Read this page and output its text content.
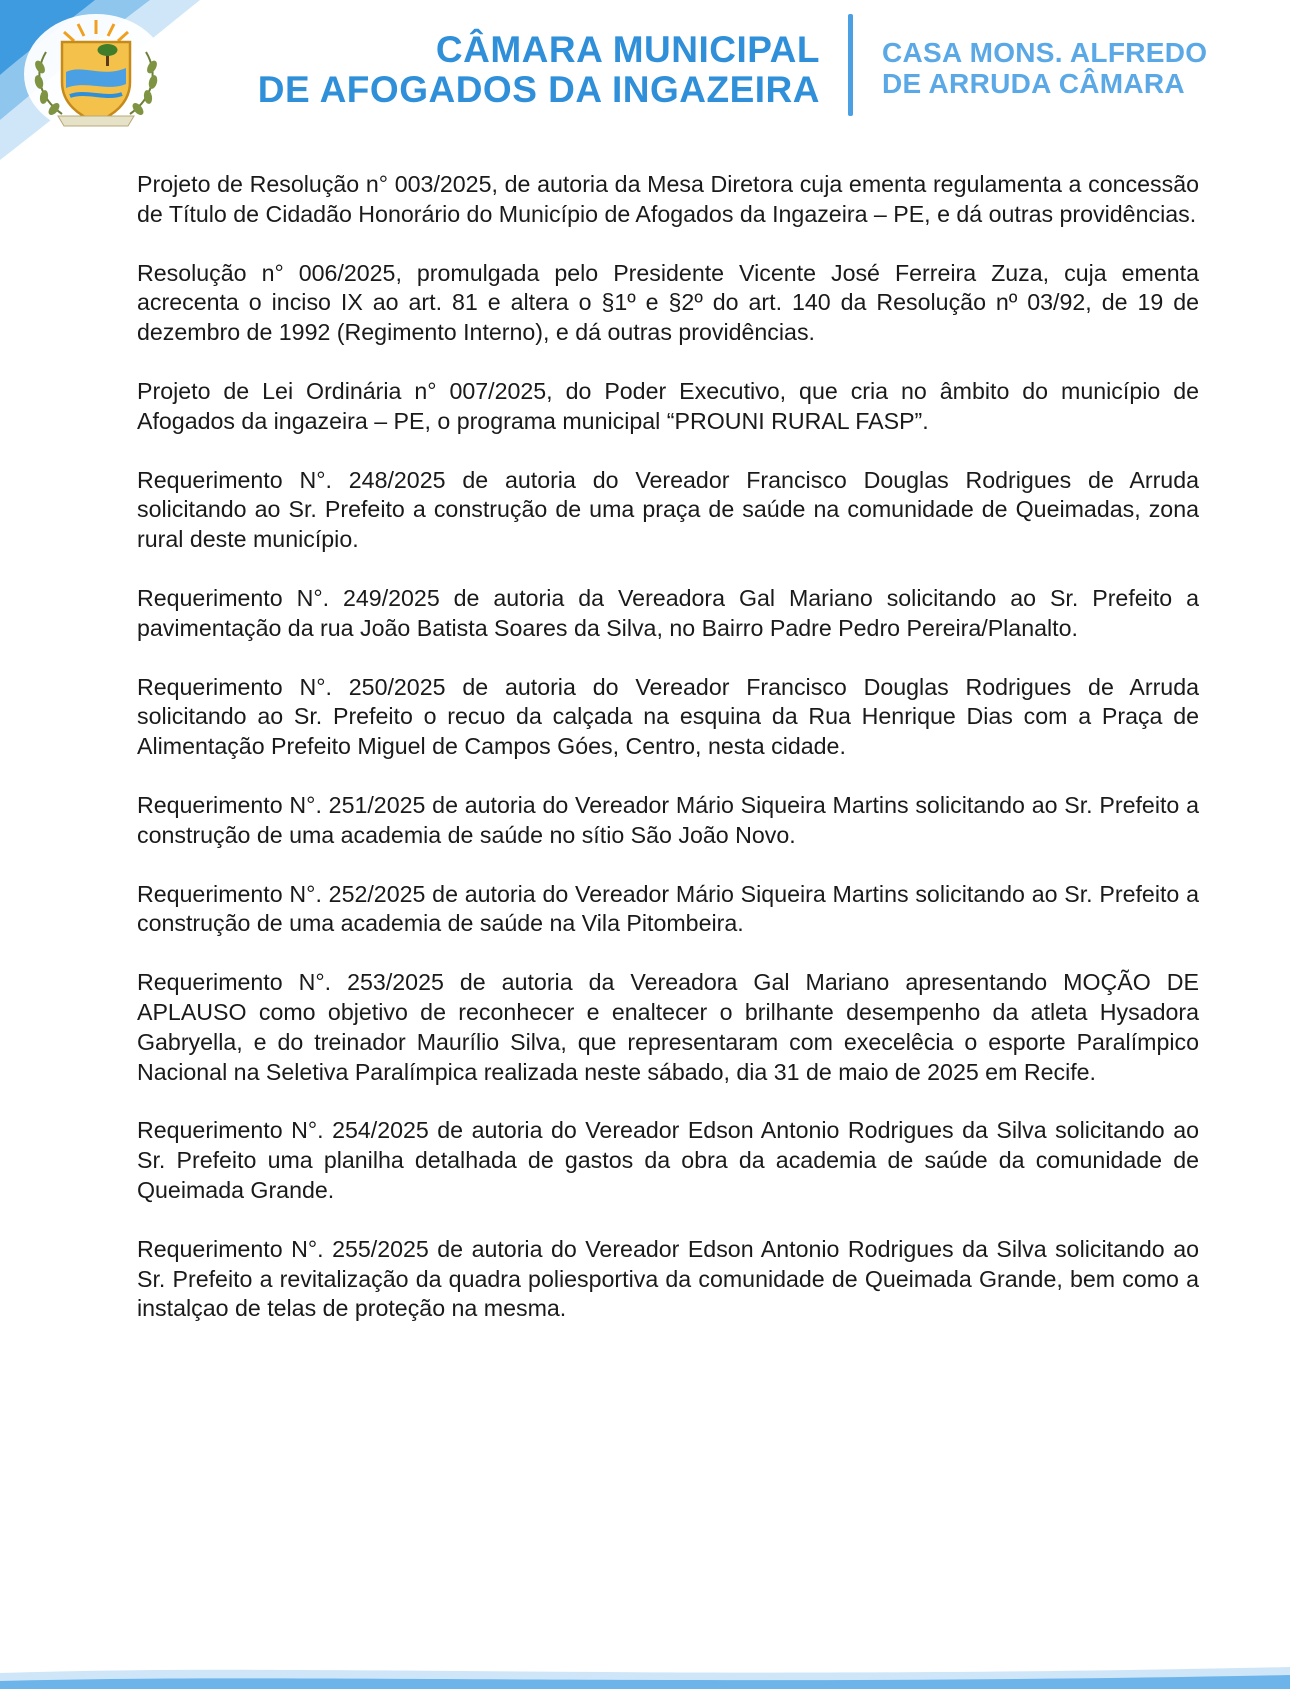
CÂMARA MUNICIPAL
DE AFOGADOS DA INGAZEIRA
CASA MONS. ALFREDO
DE ARRUDA CÂMARA

Projeto de Resolução n° 003/2025, de autoria da Mesa Diretora cuja ementa regulamenta a concessão de Título de Cidadão Honorário do Município de Afogados da Ingazeira – PE, e dá outras providências.

Resolução n° 006/2025, promulgada pelo Presidente Vicente José Ferreira Zuza, cuja ementa acrecenta o inciso IX ao art. 81 e altera o §1º e §2º do art. 140 da Resolução nº 03/92, de 19 de dezembro de 1992 (Regimento Interno), e dá outras providências.

Projeto de Lei Ordinária n° 007/2025, do Poder Executivo, que cria no âmbito do município de Afogados da ingazeira – PE, o programa municipal “PROUNI RURAL FASP”.

Requerimento N°. 248/2025 de autoria do Vereador Francisco Douglas Rodrigues de Arruda solicitando ao Sr. Prefeito a construção de uma praça de saúde na comunidade de Queimadas, zona rural deste município.

Requerimento N°. 249/2025 de autoria da Vereadora Gal Mariano solicitando ao Sr. Prefeito a pavimentação da rua João Batista Soares da Silva, no Bairro Padre Pedro Pereira/Planalto.

Requerimento N°. 250/2025 de autoria do Vereador Francisco Douglas Rodrigues de Arruda solicitando ao Sr. Prefeito o recuo da calçada na esquina da Rua Henrique Dias com a Praça de Alimentação Prefeito Miguel de Campos Góes, Centro, nesta cidade.

Requerimento N°. 251/2025 de autoria do Vereador Mário Siqueira Martins solicitando ao Sr. Prefeito a construção de uma academia de saúde no sítio São João Novo.

Requerimento N°. 252/2025 de autoria do Vereador Mário Siqueira Martins solicitando ao Sr. Prefeito a construção de uma academia de saúde na Vila Pitombeira.

Requerimento N°. 253/2025 de autoria da Vereadora Gal Mariano apresentando MOÇÃO DE APLAUSO como objetivo de reconhecer e enaltecer o brilhante desempenho da atleta Hysadora Gabryella, e do treinador Maurílio Silva, que representaram com execelêcia o esporte Paralímpico Nacional na Seletiva Paralímpica realizada neste sábado, dia 31 de maio de 2025 em Recife.

Requerimento N°. 254/2025 de autoria do Vereador Edson Antonio Rodrigues da Silva solicitando ao Sr. Prefeito uma planilha detalhada de gastos da obra da academia de saúde da comunidade de Queimada Grande.

Requerimento N°. 255/2025 de autoria do Vereador Edson Antonio Rodrigues da Silva solicitando ao Sr. Prefeito a revitalização da quadra poliesportiva da comunidade de Queimada Grande, bem como a instalçao de telas de proteção na mesma.
